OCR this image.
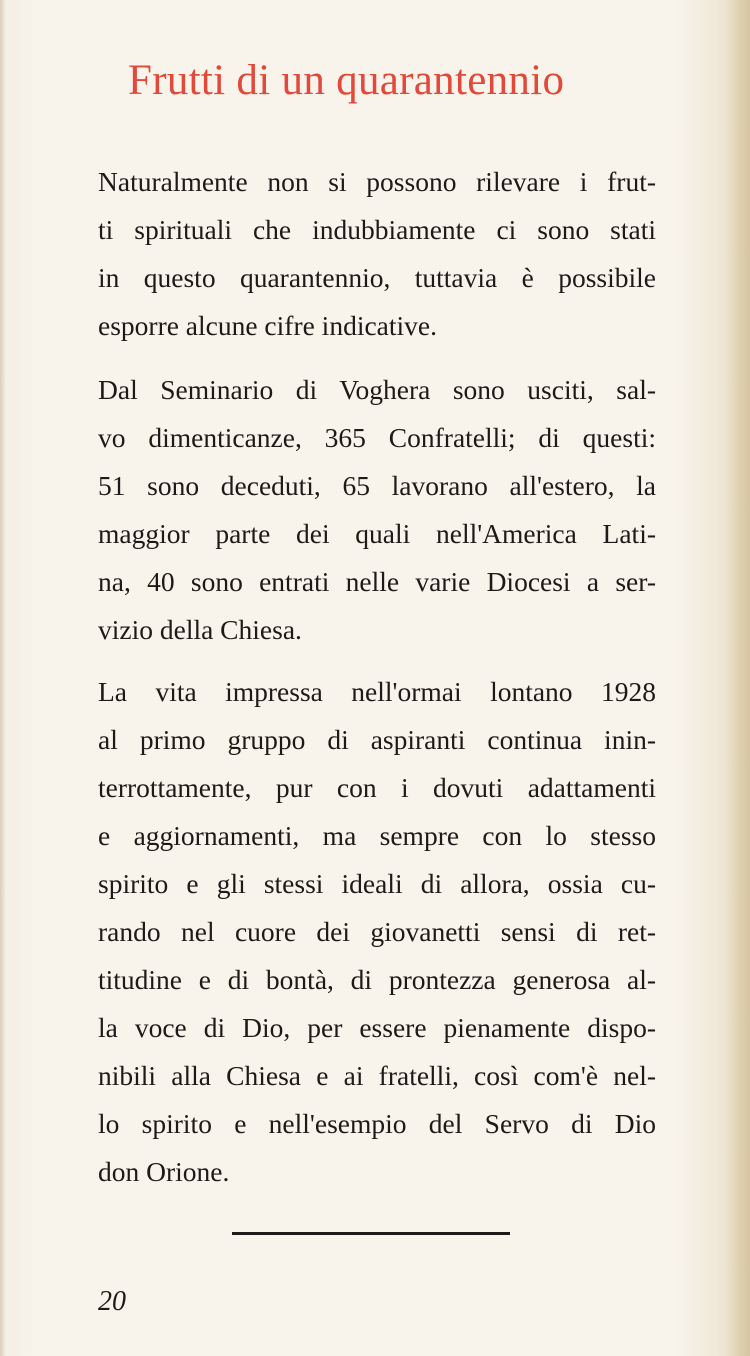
Frutti di un quarantennio
Naturalmente non si possono rilevare i frut-
ti spirituali che indubbiamente ci sono stati
in questo quarantennio, tuttavia è possibile
esporre alcune cifre indicative.
Dal Seminario di Voghera sono usciti, sal-
vo dimenticanze, 365 Confratelli; di questi:
51 sono deceduti, 65 lavorano all'estero, la
maggior parte dei quali nell'America Lati-
na, 40 sono entrati nelle varie Diocesi a ser-
vizio della Chiesa.
La vita impressa nell'ormai lontano 1928
al primo gruppo di aspiranti continua inin-
terrottamente, pur con i dovuti adattamenti
e aggiornamenti, ma sempre con lo stesso
spirito e gli stessi ideali di allora, ossia cu-
rando nel cuore dei giovanetti sensi di ret-
titudine e di bontà, di prontezza generosa al-
la voce di Dio, per essere pienamente dispo-
nibili alla Chiesa e ai fratelli, così com'è nel-
lo spirito e nell'esempio del Servo di Dio
don Orione.
20
